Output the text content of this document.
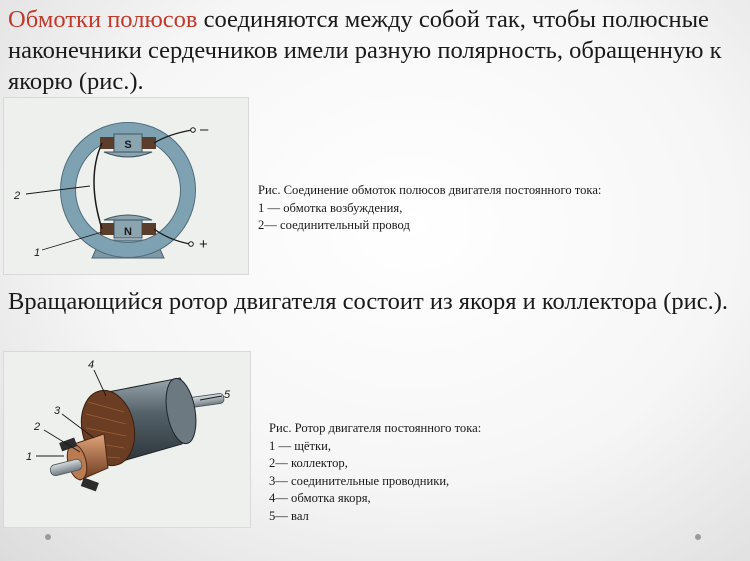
Обмотки полюсов соединяются между собой так, чтобы полюсные наконечники сердечников имели разную полярность, обращенную к якорю (рис.).

S
N
–
+
2
1
Рис. Соединение обмоток полюсов двигателя постоянного тока:
1 — обмотка возбуждения,
2— соединительный провод

Вращающийся ротор двигателя состоит из якоря и коллектора (рис.).

4
5
3
2
1
Рис. Ротор двигателя постоянного тока:
1 — щётки,
2— коллектор,
3— соединительные проводники,
4— обмотка якоря,
5— вал
